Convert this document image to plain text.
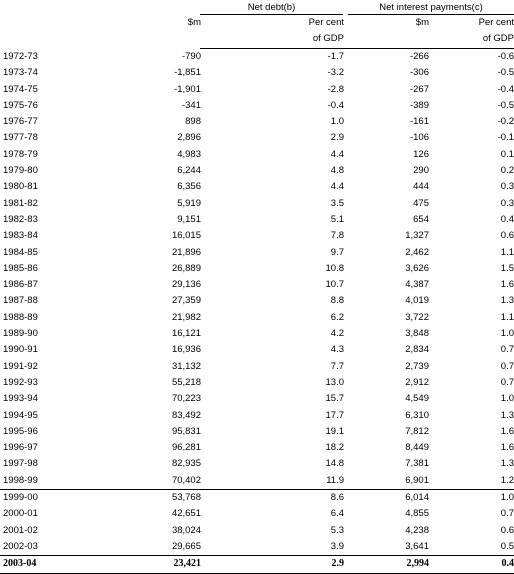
Net debt(b)	Net interest payments(c)
$m	Per cent	$m	Per cent
of GDP	of GDP
1972-73	-790	-1.7	-266	-0.6
1973-74	-1,851	-3.2	-306	-0.5
1974-75	-1,901	-2.8	-267	-0.4
1975-76	-341	-0.4	-389	-0.5
1976-77	898	1.0	-161	-0.2
1977-78	2,896	2.9	-106	-0.1
1978-79	4,983	4.4	126	0.1
1979-80	6,244	4.8	290	0.2
1980-81	6,356	4.4	444	0.3
1981-82	5,919	3.5	475	0.3
1982-83	9,151	5.1	654	0.4
1983-84	16,015	7.8	1,327	0.6
1984-85	21,896	9.7	2,462	1.1
1985-86	26,889	10.8	3,626	1.5
1986-87	29,136	10.7	4,387	1.6
1987-88	27,359	8.8	4,019	1.3
1988-89	21,982	6.2	3,722	1.1
1989-90	16,121	4.2	3,848	1.0
1990-91	16,936	4.3	2,834	0.7
1991-92	31,132	7.7	2,739	0.7
1992-93	55,218	13.0	2,912	0.7
1993-94	70,223	15.7	4,549	1.0
1994-95	83,492	17.7	6,310	1.3
1995-96	95,831	19.1	7,812	1.6
1996-97	96,281	18.2	8,449	1.6
1997-98	82,935	14.8	7,381	1.3
1998-99	70,402	11.9	6,901	1.2
1999-00	53,768	8.6	6,014	1.0
2000-01	42,651	6.4	4,855	0.7
2001-02	38,024	5.3	4,238	0.6
2002-03	29,665	3.9	3,641	0.5
2003-04	23,421	2.9	2,994	0.4
